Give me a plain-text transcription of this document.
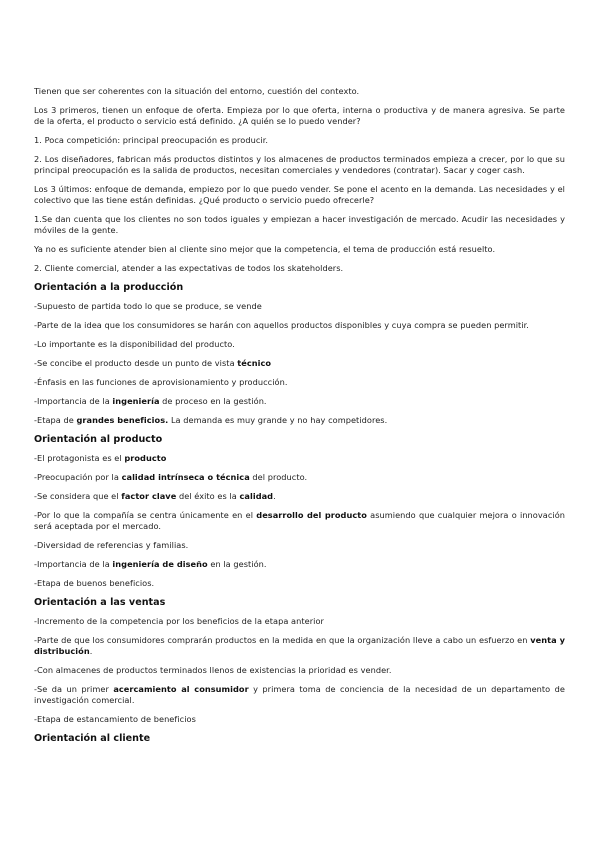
Tienen que ser coherentes con la situación del entorno, cuestión del contexto.

Los 3 primeros, tienen un enfoque de oferta. Empieza por lo que oferta, interna o productiva y de manera agresiva. Se parte de la oferta, el producto o servicio está definido. ¿A quién se lo puedo vender?

1. Poca competición: principal preocupación es producir.

2. Los diseñadores, fabrican más productos distintos y los almacenes de productos terminados empieza a crecer, por lo que su principal preocupación es la salida de productos, necesitan comerciales y vendedores (contratar). Sacar y coger cash.

Los 3 últimos: enfoque de demanda, empiezo por lo que puedo vender. Se pone el acento en la demanda. Las necesidades y el colectivo que las tiene están definidas. ¿Qué producto o servicio puedo ofrecerle?

1.Se dan cuenta que los clientes no son todos iguales y empiezan a hacer investigación de mercado. Acudir las necesidades y móviles de la gente.

Ya no es suficiente atender bien al cliente sino mejor que la competencia, el tema de producción está resuelto.

2. Cliente comercial, atender a las expectativas de todos los skateholders.

Orientación a la producción

-Supuesto de partida todo lo que se produce, se vende

-Parte de la idea que los consumidores se harán con aquellos productos disponibles y cuya compra se pueden permitir.

-Lo importante es la disponibilidad del producto.

-Se concibe el producto desde un punto de vista técnico

-Énfasis en las funciones de aprovisionamiento y producción.

-Importancia de la ingeniería de proceso en la gestión.

-Etapa de grandes beneficios. La demanda es muy grande y no hay competidores.

Orientación al producto

-El protagonista es el producto

-Preocupación por la calidad intrínseca o técnica del producto.

-Se considera que el factor clave del éxito es la calidad.

-Por lo que la compañía se centra únicamente en el desarrollo del producto asumiendo que cualquier mejora o innovación será aceptada por el mercado.

-Diversidad de referencias y familias.

-Importancia de la ingeniería de diseño en la gestión.

-Etapa de buenos beneficios.

Orientación a las ventas

-Incremento de la competencia por los beneficios de la etapa anterior

-Parte de que los consumidores comprarán productos en la medida en que la organización lleve a cabo un esfuerzo en venta y distribución.

-Con almacenes de productos terminados llenos de existencias la prioridad es vender.

-Se da un primer acercamiento al consumidor y primera toma de conciencia de la necesidad de un departamento de investigación comercial.

-Etapa de estancamiento de beneficios

Orientación al cliente
